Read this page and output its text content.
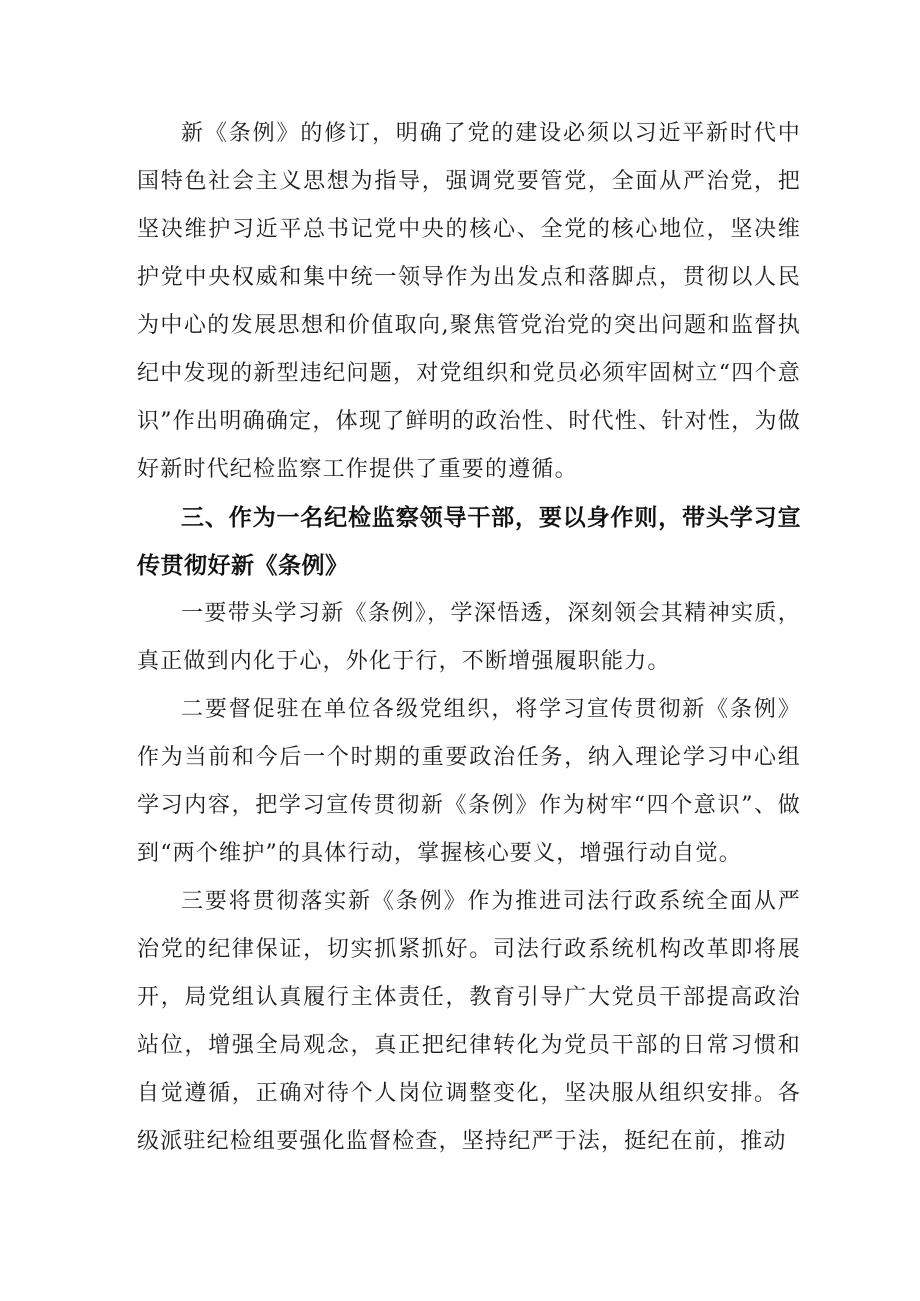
新《条例》的修订，明确了党的建设必须以习近平新时代中国特色社会主义思想为指导，强调党要管党，全面从严治党，把坚决维护习近平总书记党中央的核心、全党的核心地位，坚决维护党中央权威和集中统一领导作为出发点和落脚点，贯彻以人民为中心的发展思想和价值取向,聚焦管党治党的突出问题和监督执纪中发现的新型违纪问题，对党组织和党员必须牢固树立“四个意识”作出明确确定，体现了鲜明的政治性、时代性、针对性，为做好新时代纪检监察工作提供了重要的遵循。

三、作为一名纪检监察领导干部，要以身作则，带头学习宣传贯彻好新《条例》

一要带头学习新《条例》，学深悟透，深刻领会其精神实质，真正做到内化于心，外化于行，不断增强履职能力。

二要督促驻在单位各级党组织，将学习宣传贯彻新《条例》作为当前和今后一个时期的重要政治任务，纳入理论学习中心组学习内容，把学习宣传贯彻新《条例》作为树牢“四个意识”、做到“两个维护”的具体行动，掌握核心要义，增强行动自觉。

三要将贯彻落实新《条例》作为推进司法行政系统全面从严治党的纪律保证，切实抓紧抓好。司法行政系统机构改革即将展开，局党组认真履行主体责任，教育引导广大党员干部提高政治站位，增强全局观念，真正把纪律转化为党员干部的日常习惯和自觉遵循，正确对待个人岗位调整变化，坚决服从组织安排。各级派驻纪检组要强化监督检查，坚持纪严于法，挺纪在前，推动
